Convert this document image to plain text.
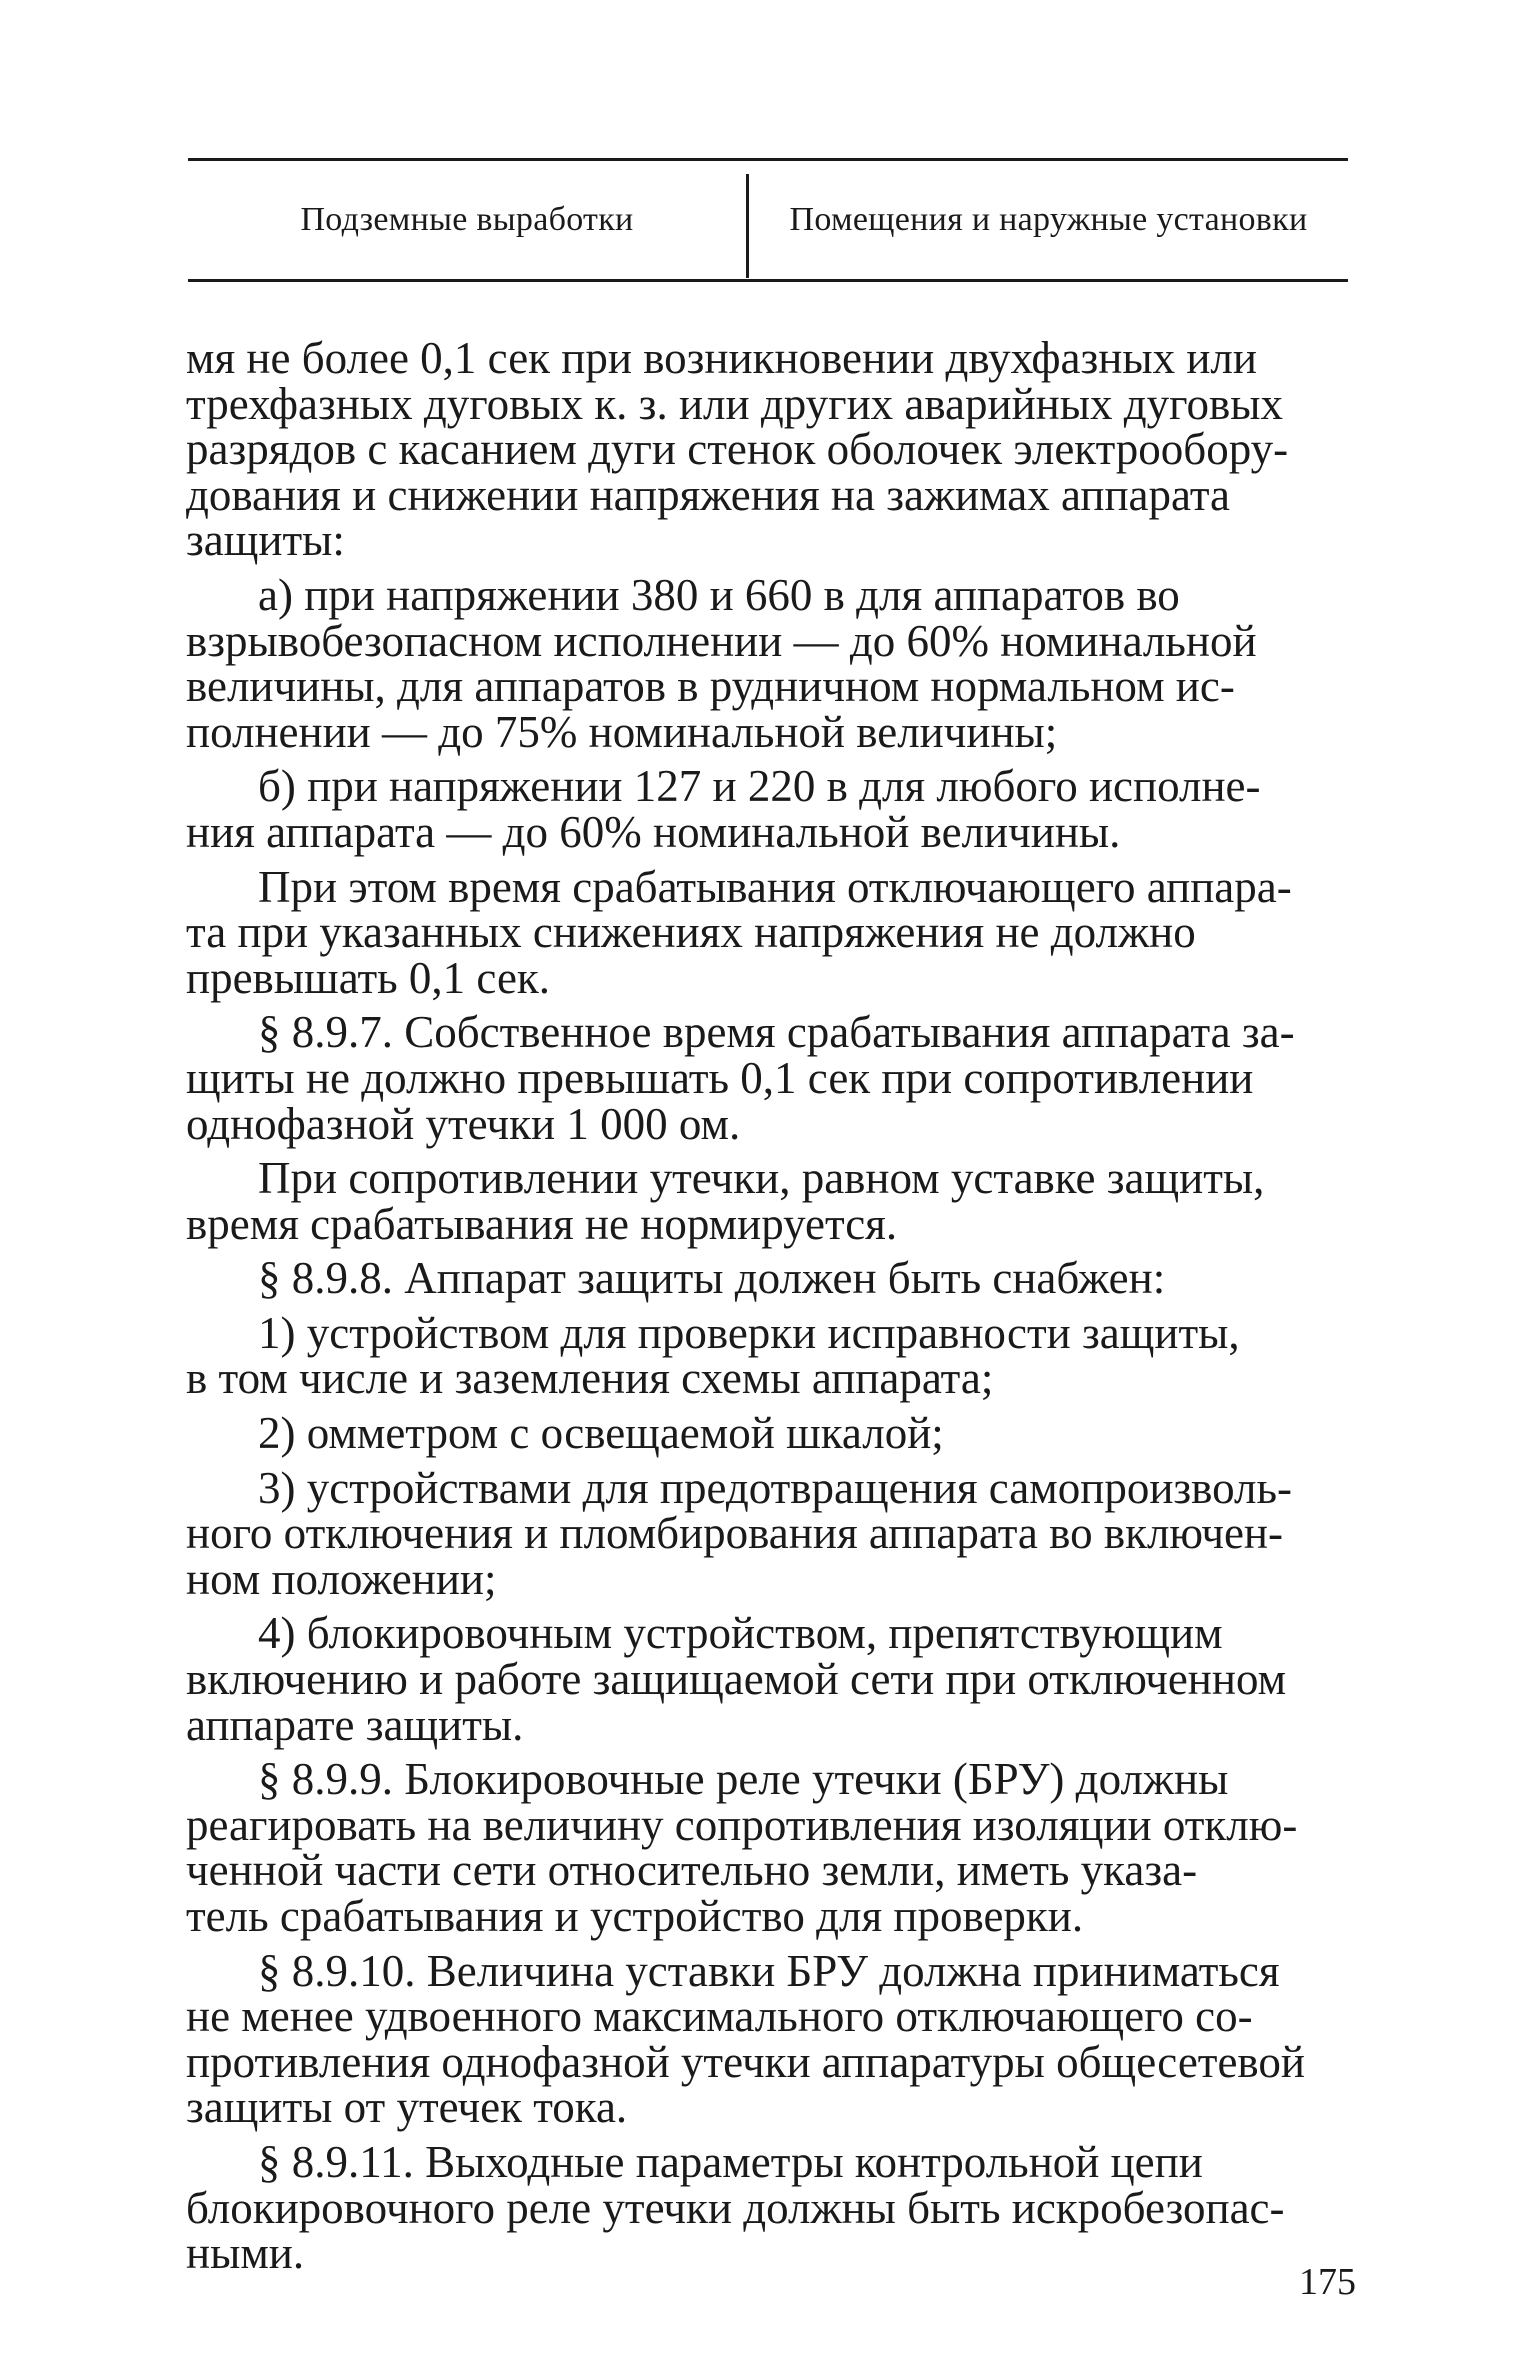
Подземные выработки	Помещения и наружные установки

мя не более 0,1 сек при возникновении двухфазных или
трехфазных дуговых к. з. или других аварийных дуговых
разрядов с касанием дуги стенок оболочек электрообору-
дования и снижении напряжения на зажимах аппарата
защиты:

а) при напряжении 380 и 660 в для аппаратов во
взрывобезопасном исполнении — до 60% номинальной
величины, для аппаратов в рудничном нормальном ис-
полнении — до 75% номинальной величины;

б) при напряжении 127 и 220 в для любого исполне-
ния аппарата — до 60% номинальной величины.

При этом время срабатывания отключающего аппара-
та при указанных снижениях напряжения не должно
превышать 0,1 сек.

§ 8.9.7. Собственное время срабатывания аппарата за-
щиты не должно превышать 0,1 сек при сопротивлении
однофазной утечки 1 000 ом.

При сопротивлении утечки, равном уставке защиты,
время срабатывания не нормируется.

§ 8.9.8. Аппарат защиты должен быть снабжен:

1) устройством для проверки исправности защиты,
в том числе и заземления схемы аппарата;

2) омметром с освещаемой шкалой;

3) устройствами для предотвращения самопроизволь-
ного отключения и пломбирования аппарата во включен-
ном положении;

4) блокировочным устройством, препятствующим
включению и работе защищаемой сети при отключенном
аппарате защиты.

§ 8.9.9. Блокировочные реле утечки (БРУ) должны
реагировать на величину сопротивления изоляции отклю-
ченной части сети относительно земли, иметь указа-
тель срабатывания и устройство для проверки.

§ 8.9.10. Величина уставки БРУ должна приниматься
не менее удвоенного максимального отключающего со-
противления однофазной утечки аппаратуры общесетевой
защиты от утечек тока.

§ 8.9.11. Выходные параметры контрольной цепи
блокировочного реле утечки должны быть искробезопас-
ными.

175
